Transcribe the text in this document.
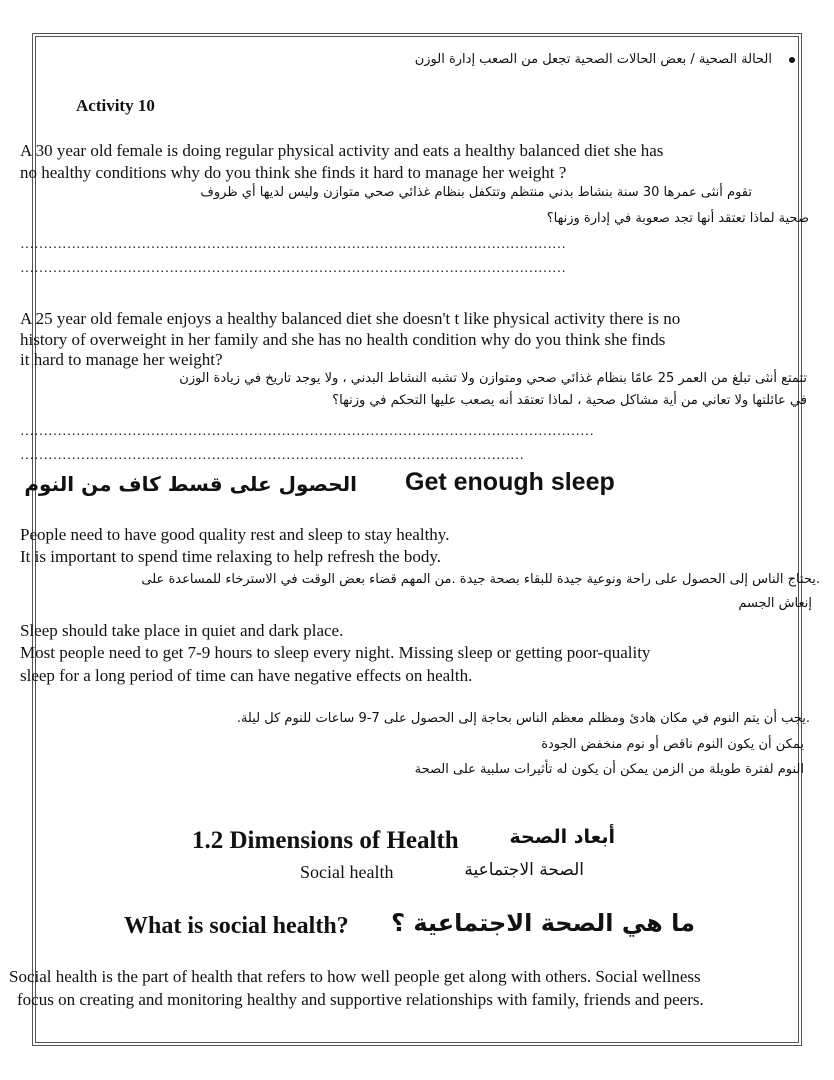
الحالة الصحية / بعض الحالات الصحية تجعل من الصعب إدارة الوزن
Activity 10
A 30 year old female is doing regular physical activity and eats a healthy balanced diet she has
no healthy conditions why do you think she finds it hard to manage her weight ?
تقوم أنثى عمرها 30 سنة بنشاط بدني منتظم وتتكفل بنظام غذائي صحي متوازن وليس لديها أي ظروف
صحية لماذا تعتقد أنها تجد صعوبة في إدارة وزنها؟
………………………………………………………………………………………………………
………………………………………………………………………………………………………
A 25 year old female enjoys a healthy balanced diet she doesn't t like physical activity there is no
history of overweight in her family and she has no health condition why do you think she finds
it hard to manage her weight?
تتمتع أنثى تبلغ من العمر 25 عامًا بنظام غذائي صحي ومتوازن ولا تشبه النشاط البدني ، ولا يوجد تاريخ في زيادة الوزن
في عائلتها ولا تعاني من أية مشاكل صحية ، لماذا تعتقد أنه يصعب عليها التحكم في وزنها؟
……………………………………………………………………………………………………………
………………………………………………………………………………………………
الحصول على قسط كاف من النوم Get enough sleep
People need to have good quality rest and sleep to stay healthy.
It is important to spend time relaxing to help refresh the body.
.يحتاج الناس إلى الحصول على راحة ونوعية جيدة للبقاء بصحة جيدة .من المهم قضاء بعض الوقت في الاسترخاء للمساعدة على
إنعاش الجسم
Sleep should take place in quiet and dark place.
Most people need to get 7-9 hours to sleep every night. Missing sleep or getting poor-quality
sleep for a long period of time can have negative effects on health.
.يجب أن يتم النوم في مكان هادئ ومظلم معظم الناس بحاجة إلى الحصول على 7-9 ساعات للنوم كل ليلة.
يمكن أن يكون النوم ناقص أو نوم منخفض الجودة
النوم لفترة طويلة من الزمن يمكن أن يكون له تأثيرات سلبية على الصحة
1.2 Dimensions of Health	أبعاد الصحة
Social health	الصحة الاجتماعية
What is social health? ما هي الصحة الاجتماعية ؟
Social health is the part of health that refers to how well people get along with others. Social wellness
focus on creating and monitoring healthy and supportive relationships with family, friends and peers.
